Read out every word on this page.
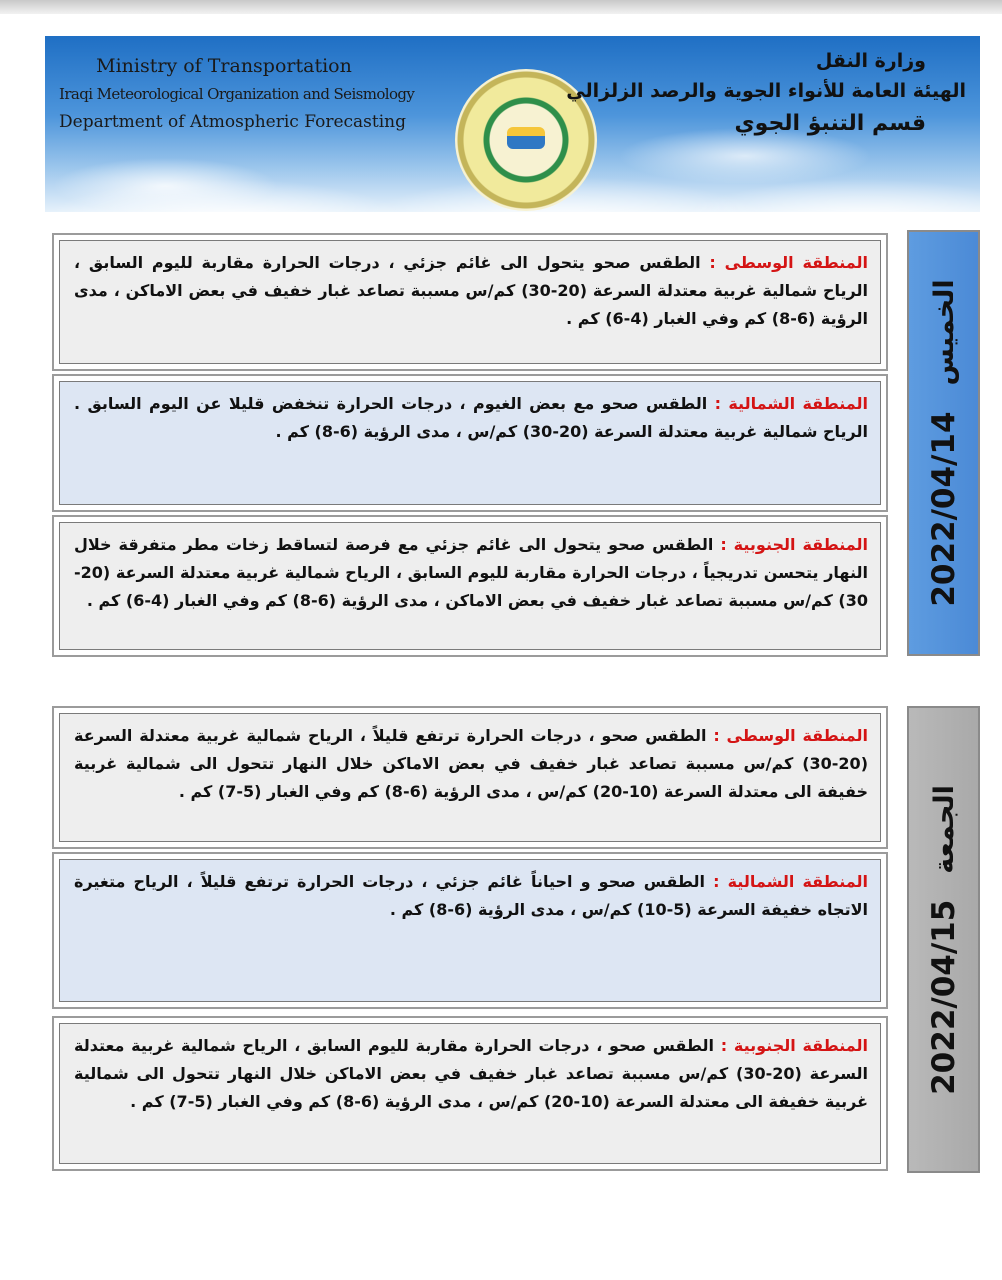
Ministry of Transportation
Iraqi Meteorological Organization and Seismology
Department of Atmospheric Forecasting
وزارة النقل
الهيئة العامة للأنواء الجوية والرصد الزلزالي
قسم التنبؤ الجوي
المنطقة الوسطى : الطقس صحو يتحول الى غائم جزئي ، درجات الحرارة مقاربة لليوم السابق ، الرياح شمالية غربية معتدلة السرعة (20-30) كم/س مسببة تصاعد غبار خفيف في بعض الاماكن ، مدى الرؤية (6-8) كم وفي الغبار (4-6) كم .
المنطقة الشمالية : الطقس صحو مع بعض الغيوم ، درجات الحرارة تنخفض قليلا عن اليوم السابق . الرياح شمالية غربية معتدلة السرعة (20-30) كم/س ، مدى الرؤية (6-8) كم .
المنطقة الجنوبية : الطقس صحو يتحول الى غائم جزئي مع فرصة لتساقط زخات مطر متفرقة خلال النهار يتحسن تدريجياً ، درجات الحرارة مقاربة لليوم السابق ، الرياح شمالية غربية معتدلة السرعة (20-30) كم/س مسببة تصاعد غبار خفيف في بعض الاماكن ، مدى الرؤية (6-8) كم وفي الغبار (4-6) كم .	2022/04/14
الخميس
المنطقة الوسطى : الطقس صحو ، درجات الحرارة ترتفع قليلاً ، الرياح شمالية غربية معتدلة السرعة (20-30) كم/س مسببة تصاعد غبار خفيف في بعض الاماكن خلال النهار تتحول الى شمالية غربية خفيفة الى معتدلة السرعة (10-20) كم/س ، مدى الرؤية (6-8) كم وفي الغبار (5-7) كم .
المنطقة الشمالية : الطقس صحو و احياناً غائم جزئي ، درجات الحرارة ترتفع قليلاً ، الرياح متغيرة الاتجاه خفيفة السرعة (5-10) كم/س ، مدى الرؤية (6-8) كم .
المنطقة الجنوبية : الطقس صحو ، درجات الحرارة مقاربة لليوم السابق ، الرياح شمالية غربية معتدلة السرعة (20-30) كم/س مسببة تصاعد غبار خفيف في بعض الاماكن خلال النهار تتحول الى شمالية غربية خفيفة الى معتدلة السرعة (10-20) كم/س ، مدى الرؤية (6-8) كم وفي الغبار (5-7) كم .
2022/04/15
الجمعة
